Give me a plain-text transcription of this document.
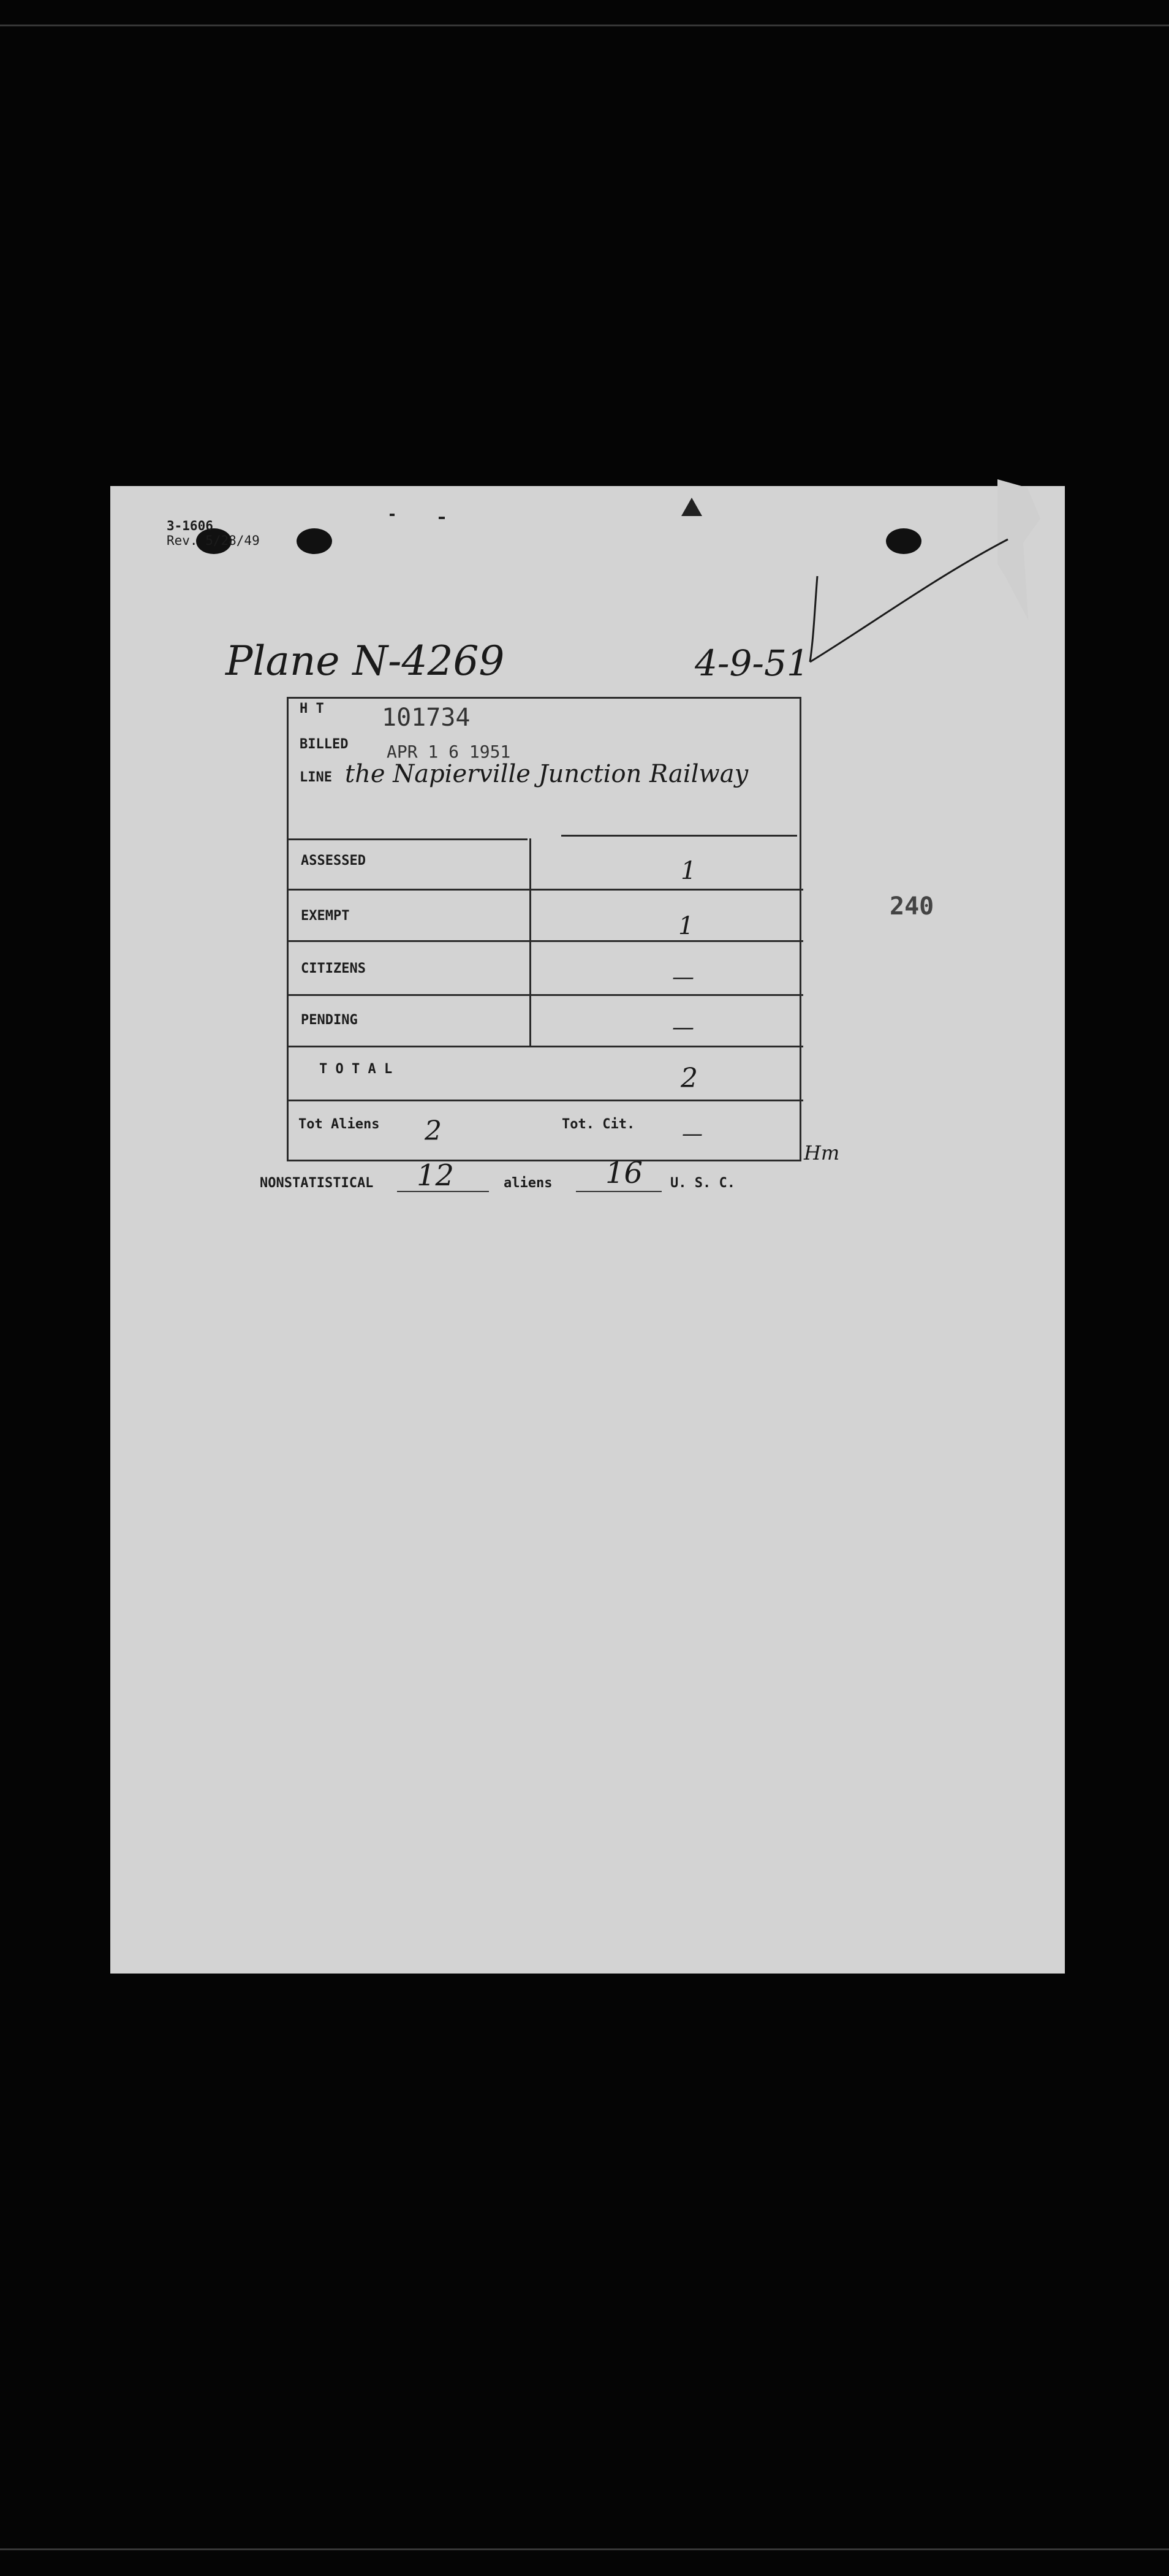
3-1606
Rev. 5/28/49
Plane N-4269	4-9-51
240
H T 101734
BILLED APR 1 6 1951
LINE the Napierville Junction Railway
ASSESSED	1
EXEMPT	1
CITIZENS	—
PENDING	—
T O T A L	2
Tot Aliens 2	Tot. Cit. —
Hm
NONSTATISTICAL 12	aliens 16 U. S. C.
